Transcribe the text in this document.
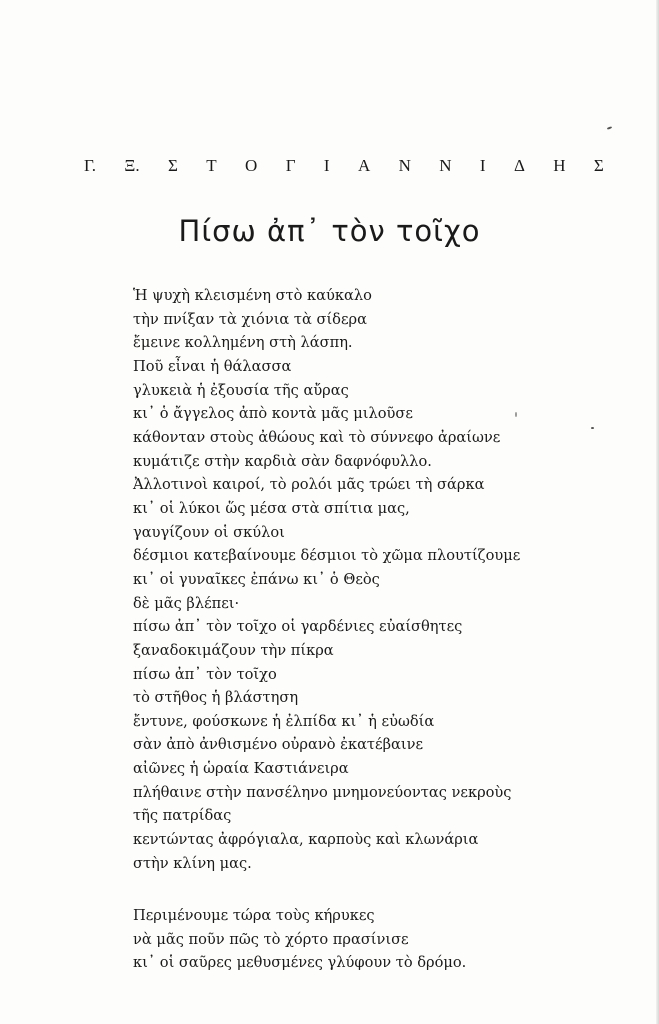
Γ. Ξ. Σ Τ Ο Γ Ι Α Ν Ν Ι Δ Η Σ
Πίσω ἀπ᾽ τὸν τοῖχο
Ἡ ψυχὴ κλεισμένη στὸ καύκαλο
τὴν πνίξαν τὰ χιόνια τὰ σίδερα
ἔμεινε κολλημένη στὴ λάσπη.
Ποῦ εἶναι ἡ θάλασσα
γλυκειὰ ἡ ἐξουσία τῆς αὔρας
κι᾽ ὁ ἄγγελος ἀπὸ κοντὰ μᾶς μιλοῦσε
κάθονταν στοὺς ἀθώους καὶ τὸ σύννεφο ἀραίωνε
κυμάτιζε στὴν καρδιὰ σὰν δαφνόφυλλο.
Ἀλλοτινοὶ καιροί, τὸ ρολόι μᾶς τρώει τὴ σάρκα
κι᾽ οἱ λύκοι ὥς μέσα στὰ σπίτια μας,
γαυγίζουν οἱ σκύλοι
δέσμιοι κατεβαίνουμε δέσμιοι τὸ χῶμα πλουτίζουμε
κι᾽ οἱ γυναῖκες ἐπάνω κι᾽ ὁ Θεὸς
δὲ μᾶς βλέπει·
πίσω ἀπ᾽ τὸν τοῖχο οἱ γαρδένιες εὐαίσθητες
ξαναδοκιμάζουν τὴν πίκρα
πίσω ἀπ᾽ τὸν τοῖχο
τὸ στῆθος ἡ βλάστηση
ἔντυνε, φούσκωνε ἡ ἐλπίδα κι᾽ ἡ εὐωδία
σὰν ἀπὸ ἀνθισμένο οὐρανὸ ἐκατέβαινε
αἰῶνες ἡ ὡραία Καστιάνειρα
πλήθαινε στὴν πανσέληνο μνημονεύοντας νεκροὺς
τῆς πατρίδας
κεντώντας ἀφρόγιαλα, καρποὺς καὶ κλωνάρια
στὴν κλίνη μας.
Περιμένουμε τώρα τοὺς κήρυκες
νὰ μᾶς ποῦν πῶς τὸ χόρτο πρασίνισε
κι᾽ οἱ σαῦρες μεθυσμένες γλύφουν τὸ δρόμο.
